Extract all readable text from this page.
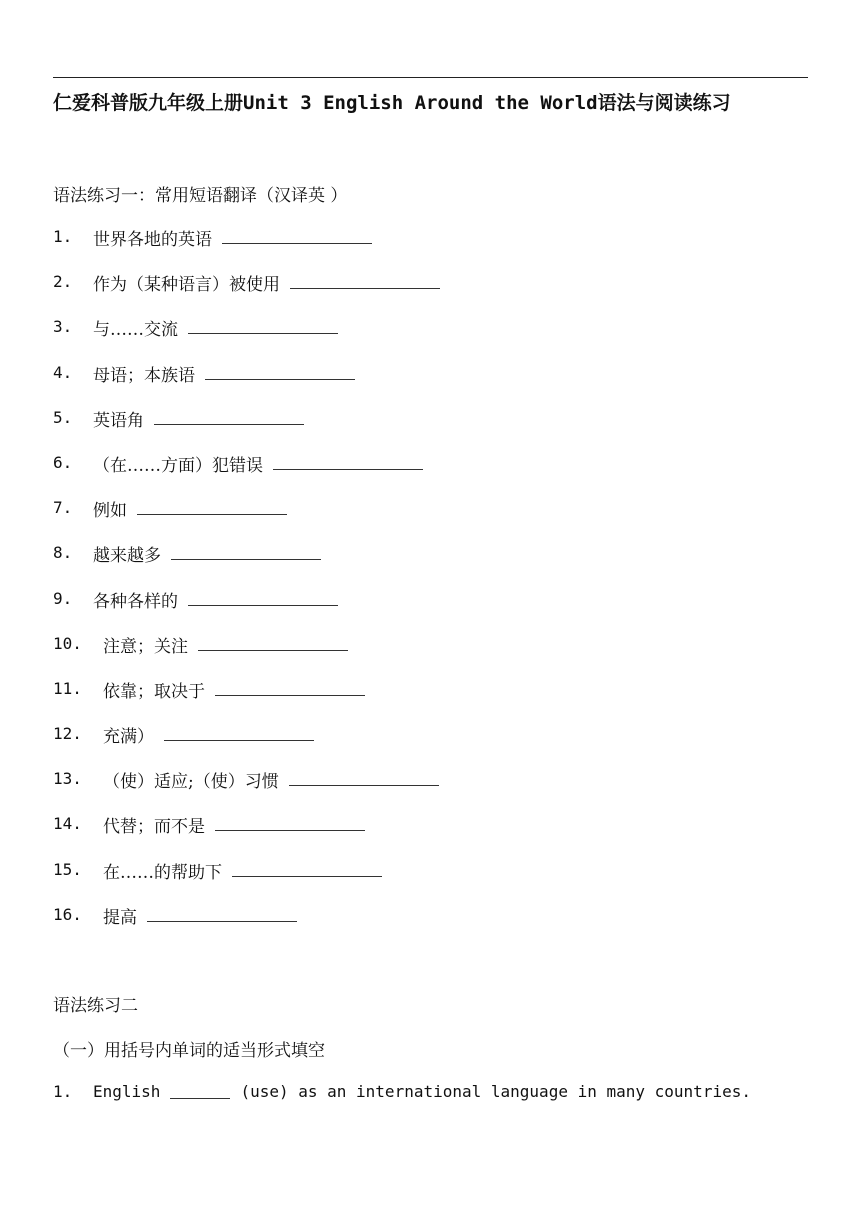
仁爱科普版九年级上册Unit 3 English Around the World语法与阅读练习
语法练习一：常用短语翻译（汉译英 ）
1.	世界各地的英语
2.	作为（某种语言）被使用
3.	与……交流
4.	母语；本族语
5.	英语角
6.	（在……方面）犯错误
7.	例如
8.	越来越多
9.	各种各样的
10.	注意；关注
11.	依靠；取决于
12.	充满）
13.	（使）适应;（使）习惯
14.	代替；而不是
15.	在……的帮助下
16.	提高
语法练习二
（一）用括号内单词的适当形式填空
1.	English	(use) as an international language in many countries.
